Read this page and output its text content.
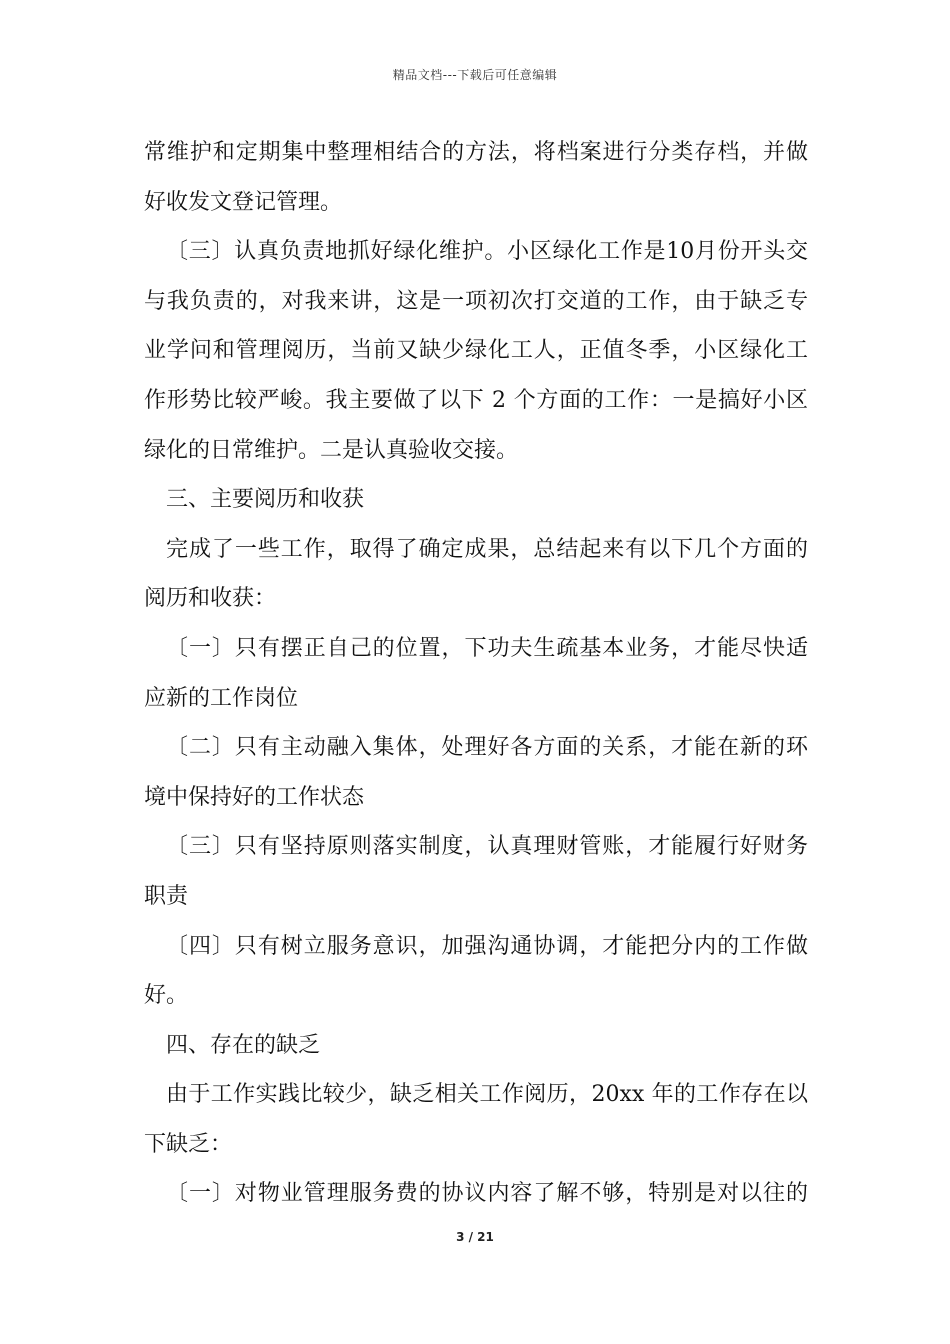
精品文档---下载后可任意编辑
常维护和定期集中整理相结合的方法，将档案进行分类存档，并做
好收发文登记管理。
〔三〕认真负责地抓好绿化维护。小区绿化工作是10月份开头交
与我负责的，对我来讲，这是一项初次打交道的工作，由于缺乏专
业学问和管理阅历，当前又缺少绿化工人，正值冬季，小区绿化工
作形势比较严峻。我主要做了以下 2 个方面的工作：一是搞好小区
绿化的日常维护。二是认真验收交接。
三、主要阅历和收获
完成了一些工作，取得了确定成果，总结起来有以下几个方面的
阅历和收获：
〔一〕只有摆正自己的位置，下功夫生疏基本业务，才能尽快适
应新的工作岗位
〔二〕只有主动融入集体，处理好各方面的关系，才能在新的环
境中保持好的工作状态
〔三〕只有坚持原则落实制度，认真理财管账，才能履行好财务
职责
〔四〕只有树立服务意识，加强沟通协调，才能把分内的工作做
好。
四、存在的缺乏
由于工作实践比较少，缺乏相关工作阅历，20xx 年的工作存在以
下缺乏：
〔一〕对物业管理服务费的协议内容了解不够，特别是对以往的
3 / 21
